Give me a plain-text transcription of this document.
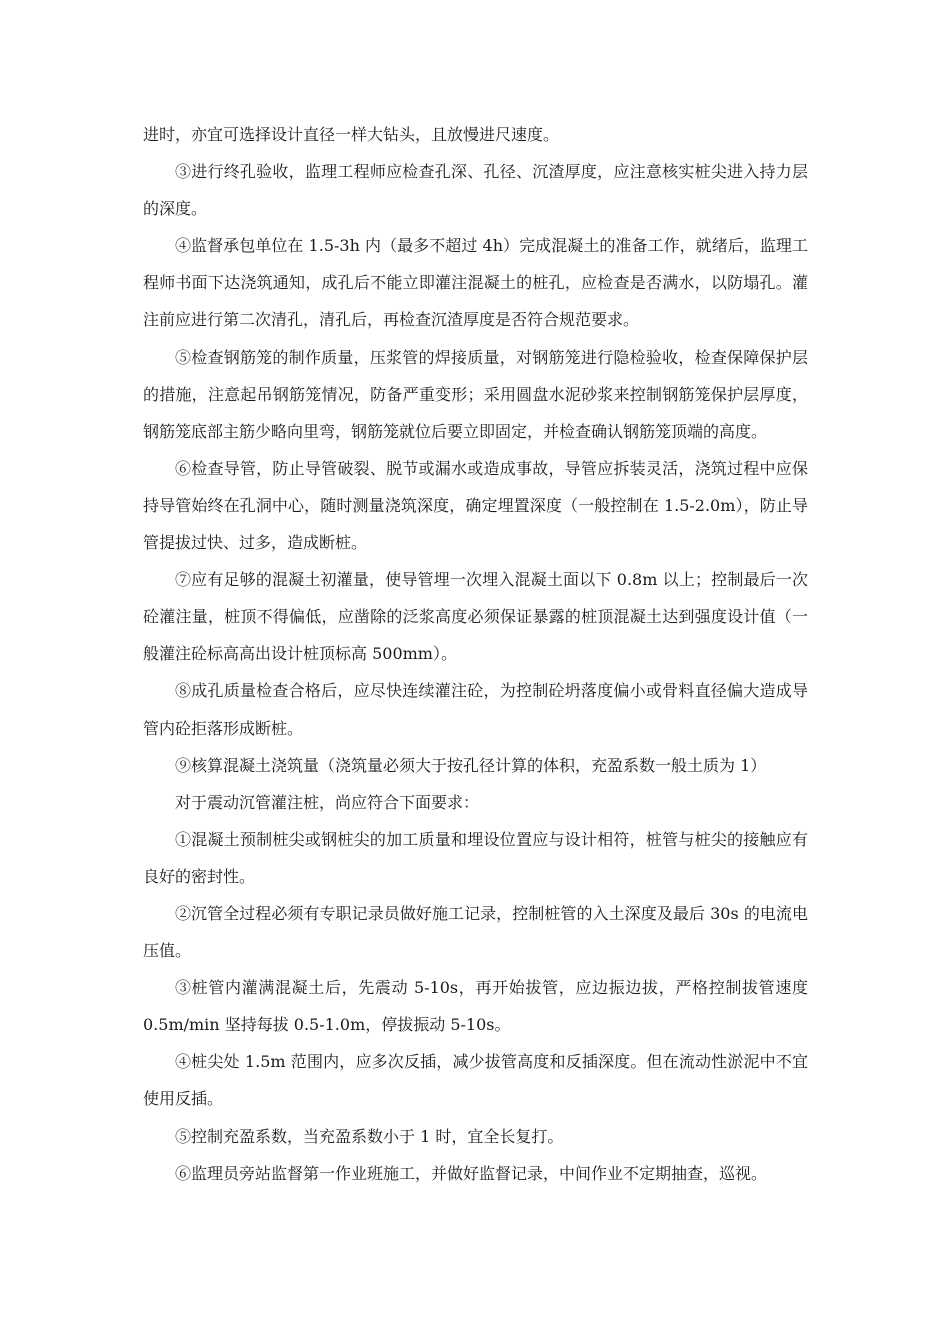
进时，亦宜可选择设计直径一样大钻头，且放慢进尺速度。

③进行终孔验收，监理工程师应检查孔深、孔径、沉渣厚度，应注意核实桩尖进入持力层的深度。

④监督承包单位在 1.5-3h 内（最多不超过 4h）完成混凝土的准备工作，就绪后，监理工程师书面下达浇筑通知，成孔后不能立即灌注混凝土的桩孔，应检查是否满水，以防塌孔。灌注前应进行第二次清孔，清孔后，再检查沉渣厚度是否符合规范要求。

⑤检查钢筋笼的制作质量，压浆管的焊接质量，对钢筋笼进行隐检验收，检查保障保护层的措施，注意起吊钢筋笼情况，防备严重变形；采用圆盘水泥砂浆来控制钢筋笼保护层厚度，钢筋笼底部主筋少略向里弯，钢筋笼就位后要立即固定，并检查确认钢筋笼顶端的高度。

⑥检查导管，防止导管破裂、脱节或漏水或造成事故，导管应拆装灵活，浇筑过程中应保持导管始终在孔洞中心，随时测量浇筑深度，确定埋置深度（一般控制在 1.5-2.0m），防止导管提拔过快、过多，造成断桩。

⑦应有足够的混凝土初灌量，使导管埋一次埋入混凝土面以下 0.8m 以上；控制最后一次砼灌注量，桩顶不得偏低，应凿除的泛浆高度必须保证暴露的桩顶混凝土达到强度设计值（一般灌注砼标高高出设计桩顶标高 500mm）。

⑧成孔质量检查合格后，应尽快连续灌注砼，为控制砼坍落度偏小或骨料直径偏大造成导管内砼拒落形成断桩。

⑨核算混凝土浇筑量（浇筑量必须大于按孔径计算的体积，充盈系数一般土质为 1）

对于震动沉管灌注桩，尚应符合下面要求：

①混凝土预制桩尖或钢桩尖的加工质量和埋设位置应与设计相符，桩管与桩尖的接触应有良好的密封性。

②沉管全过程必须有专职记录员做好施工记录，控制桩管的入土深度及最后 30s 的电流电压值。

③桩管内灌满混凝土后，先震动 5-10s，再开始拔管，应边振边拔，严格控制拔管速度 0.5m/min 坚持每拔 0.5-1.0m，停拔振动 5-10s。

④桩尖处 1.5m 范围内，应多次反插，减少拔管高度和反插深度。但在流动性淤泥中不宜使用反插。

⑤控制充盈系数，当充盈系数小于 1 时，宜全长复打。

⑥监理员旁站监督第一作业班施工，并做好监督记录，中间作业不定期抽查，巡视。
